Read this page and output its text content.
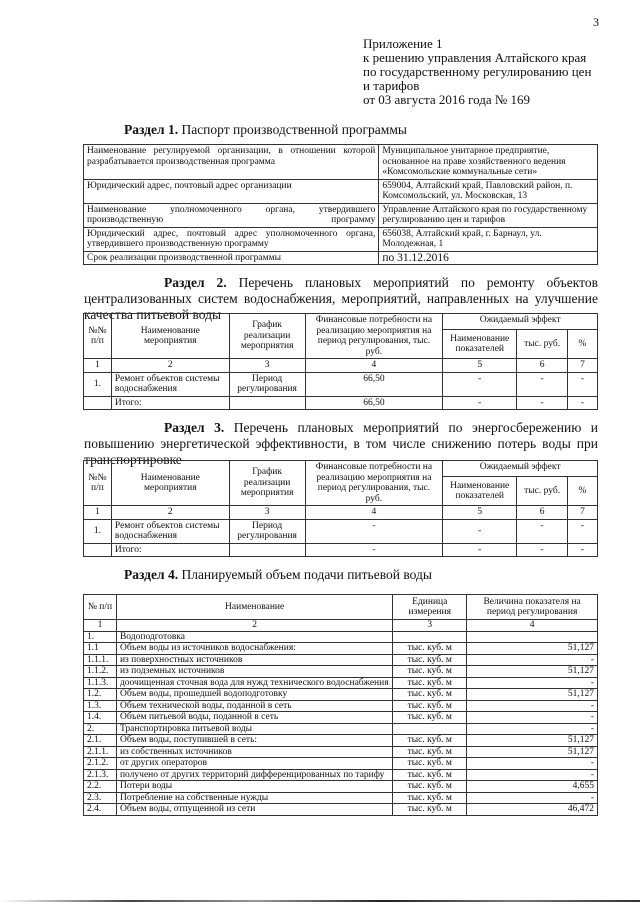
3
Приложение 1
к решению управления Алтайского края
по государственному регулированию цен
и тарифов
от 03 августа 2016 года № 169
Раздел 1. Паспорт производственной программы
Наименование регулируемой организации, в отношении которой разрабатывается производственная программа	Муниципальное унитарное предприятие, основанное на праве хозяйственного ведения «Комсомольские коммунальные сети»
Юридический адрес, почтовый адрес организации	659004, Алтайский край, Павловский район, п. Комсомольский, ул. Московская, 13
Наименование уполномоченного органа, утвердившего производственную программу	Управление Алтайского края по государственному регулированию цен и тарифов
Юридический адрес, почтовый адрес уполномоченного органа, утвердившего производственную программу	656038, Алтайский край, г. Барнаул, ул. Молодежная, 1
Срок реализации производственной программы	по 31.12.2016
Раздел 2. Перечень плановых мероприятий по ремонту объектов централизованных систем водоснабжения, мероприятий, направленных на улучшение качества питьевой воды
№№ п/п	Наименование мероприятия	График реализации мероприятия	Финансовые потребности на реализацию мероприятия на период регулирования, тыс. руб.	Ожидаемый эффект		
				Наименование показателей	тыс. руб.	%
1	2	3	4	5	6	7
1.	Ремонт объектов системы водоснабжения	Период регулирования	66,50	-	-	-
	Итого:		66,50	-	-	-
Раздел 3. Перечень плановых мероприятий по энергосбережению и повышению энергетической эффективности, в том числе снижению потерь воды при транспортировке
№№ п/п	Наименование мероприятия	График реализации мероприятия	Финансовые потребности на реализацию мероприятия на период регулирования, тыс. руб.	Ожидаемый эффект		
				Наименование показателей	тыс. руб.	%
1	2	3	4	5	6	7
1.	Ремонт объектов системы водоснабжения	Период регулирования	-	-	-	-
	Итого:		-	-	-	-
Раздел 4. Планируемый объем подачи питьевой воды
№ п/п	Наименование	Единица измерения	Величина показателя на период регулирования
1	2	3	4
1.	Водоподготовка		
1.1	Объем воды из источников водоснабжения:	тыс. куб. м	51,127
1.1.1.	из поверхностных источников	тыс. куб. м	-
1.1.2.	из подземных источников	тыс. куб. м	51,127
1.1.3.	доочищенная сточная вода для нужд технического водоснабжения	тыс. куб. м	-
1.2.	Объем воды, прошедшей водоподготовку	тыс. куб. м	51,127
1.3.	Объем технической воды, поданной в сеть	тыс. куб. м	-
1.4.	Объем питьевой воды, поданной в сеть	тыс. куб. м	-
2.	Транспортировка питьевой воды		-
2.1.	Объем воды, поступившей в сеть:	тыс. куб. м	51,127
2.1.1.	из собственных источников	тыс. куб. м	51,127
2.1.2.	от других операторов	тыс. куб. м	-
2.1.3.	получено от других территорий дифференцированных по тарифу	тыс. куб. м	-
2.2.	Потери воды	тыс. куб. м	4,655
2.3.	Потребление на собственные нужды	тыс. куб. м	-
2.4.	Объем воды, отпущенной из сети	тыс. куб. м	46,472
